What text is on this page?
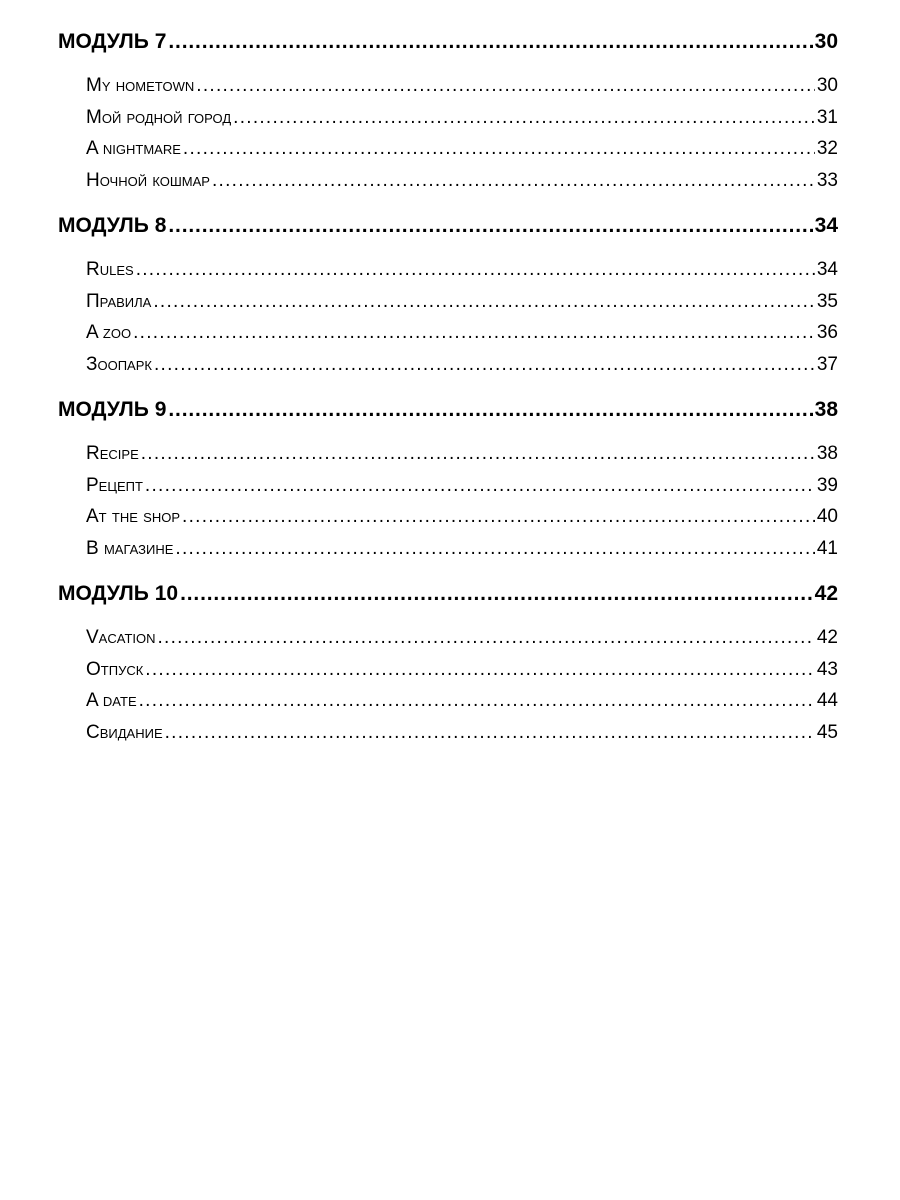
МОДУЛЬ 7 . . .	30
My hometown . . .	30
Мой родной город . . .	31
A nightmare . . .	32
Ночной кошмар . . .	33
МОДУЛЬ 8 . . .	34
Rules . . .	34
Правила . . .	35
A zoo . . .	36
Зоопарк . . .	37
МОДУЛЬ 9 . . .	38
Recipe . . .	38
Рецепт . . .	39
At the shop . . .	40
В магазине . . .	41
МОДУЛЬ 10 . . .	42
Vacation . . .	42
Отпуск . . .	43
A date . . .	44
Свидание . . .	45
